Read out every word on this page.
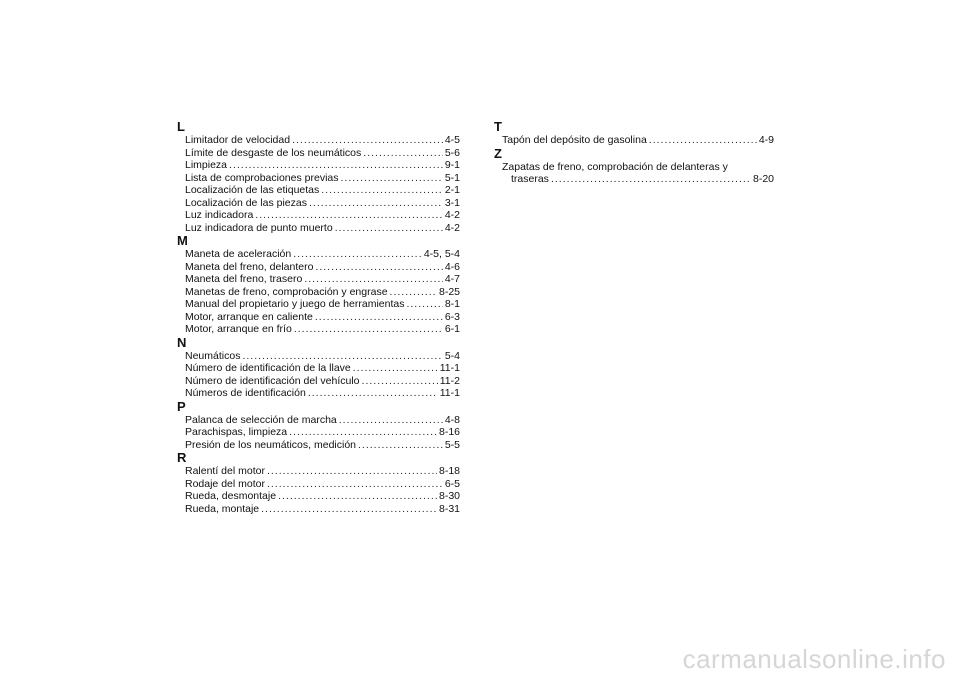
L
Limitador de velocidad .....	4-5
Límite de desgaste de los neumáticos .....	5-6
Limpieza .....	9-1
Lista de comprobaciones previas .....	5-1
Localización de las etiquetas .....	2-1
Localización de las piezas .....	3-1
Luz indicadora .....	4-2
Luz indicadora de punto muerto .....	4-2
M
Maneta de aceleración .....	4-5, 5-4
Maneta del freno, delantero .....	4-6
Maneta del freno, trasero .....	4-7
Manetas de freno, comprobación y engrase .....	8-25
Manual del propietario y juego de herramientas .....	8-1
Motor, arranque en caliente .....	6-3
Motor, arranque en frío .....	6-1
N
Neumáticos .....	5-4
Número de identificación de la llave .....	11-1
Número de identificación del vehículo .....	11-2
Números de identificación .....	11-1
P
Palanca de selección de marcha .....	4-8
Parachispas, limpieza .....	8-16
Presión de los neumáticos, medición .....	5-5
R
Ralentí del motor .....	8-18
Rodaje del motor .....	6-5
Rueda, desmontaje .....	8-30
Rueda, montaje .....	8-31
T
Tapón del depósito de gasolina .....	4-9
Z
Zapatas de freno, comprobación de delanteras y
traseras .....	8-20
carmanualsonline.info
